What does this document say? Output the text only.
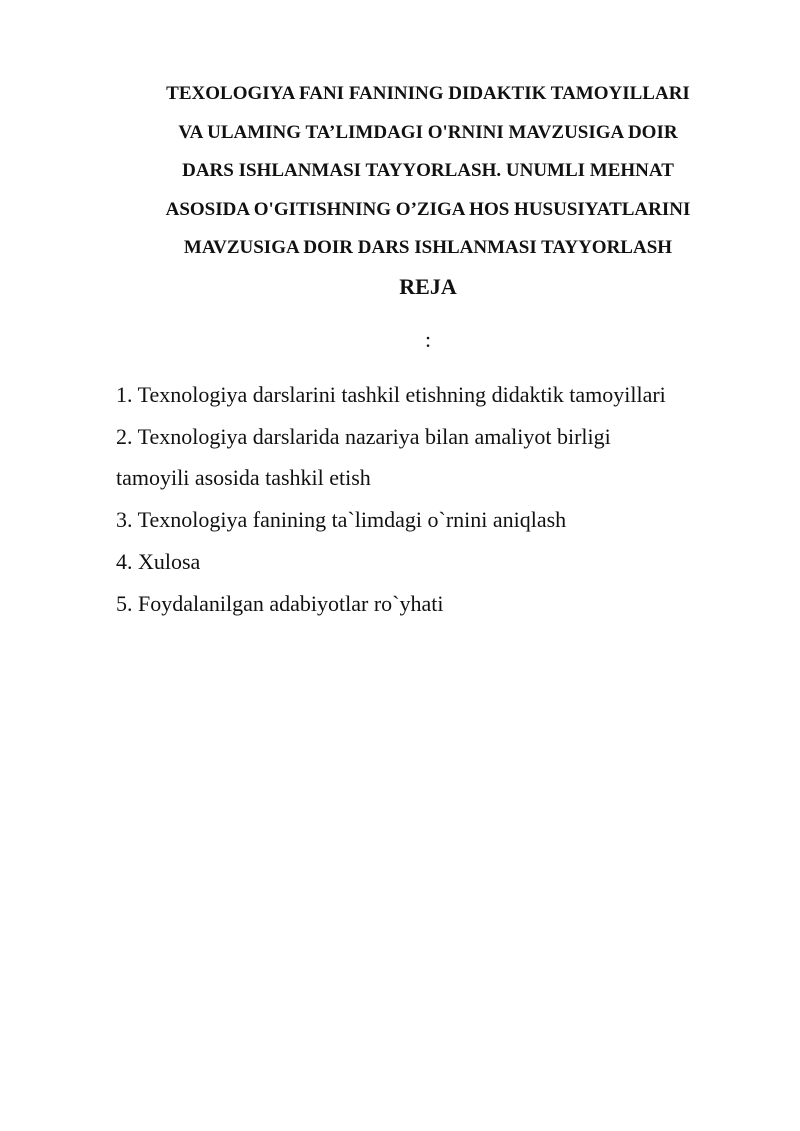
TEXOLOGIYA FANI FANINING DIDAKTIK TAMOYILLARI
VA ULAMING TA’LIMDAGI O'RNINI MAVZUSIGA DOIR
DARS ISHLANMASI TAYYORLASH. UNUMLI MEHNAT
ASOSIDA O'GITISHNING O’ZIGA HOS HUSUSIYATLARINI
MAVZUSIGA DOIR DARS ISHLANMASI TAYYORLASH
REJA
:
1. Texnologiya darslarini tashkil etishning didaktik tamoyillari
2. Texnologiya darslarida nazariya bilan amaliyot birligi
tamoyili asosida tashkil etish
3. Texnologiya fanining ta`limdagi o`rnini aniqlash
4. Xulosa
5. Foydalanilgan adabiyotlar ro`yhati
